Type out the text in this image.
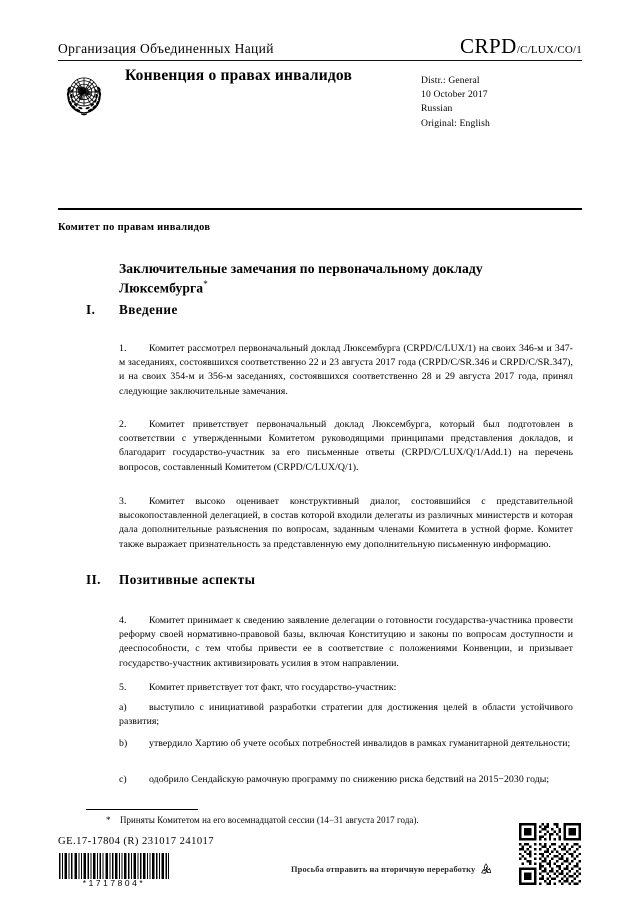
Организация Объединенных Наций	CRPD /C/LUX/CO/1
Конвенция о правах инвалидов	Distr.: General
10 October 2017
Russian
Original: English
Комитет по правам инвалидов
Заключительные замечания по первоначальному докладу Люксембурга*
I.	Введение

1. Комитет рассмотрел первоначальный доклад Люксембурга (CRPD/C/LUX/1) на своих 346-м и 347-м заседаниях, состоявшихся соответственно 22 и 23 августа 2017 года (CRPD/C/SR.346 и CRPD/C/SR.347), и на своих 354-м и 356-м заседаниях, состоявшихся соответственно 28 и 29 августа 2017 года, принял следующие заключительные замечания.

2. Комитет приветствует первоначальный доклад Люксембурга, который был подготовлен в соответствии с утвержденными Комитетом руководящими принципами представления докладов, и благодарит государство-участник за его письменные ответы (CRPD/C/LUX/Q/1/Add.1) на перечень вопросов, составленный Комитетом (CRPD/C/LUX/Q/1).

3. Комитет высоко оценивает конструктивный диалог, состоявшийся с представительной высокопоставленной делегацией, в состав которой входили делегаты из различных министерств и которая дала дополнительные разъяснения по вопросам, заданным членами Комитета в устной форме. Комитет также выражает признательность за представленную ему дополнительную письменную информацию.

II.	Позитивные аспекты

4. Комитет принимает к сведению заявление делегации о готовности государства-участника провести реформу своей нормативно-правовой базы, включая Конституцию и законы по вопросам доступности и дееспособности, с тем чтобы привести ее в соответствие с положениями Конвенции, и призывает государство-участник активизировать усилия в этом направлении.

5. Комитет приветствует тот факт, что государство-участник:

a) выступило с инициативой разработки стратегии для достижения целей в области устойчивого развития;

b) утвердило Хартию об учете особых потребностей инвалидов в рамках гуманитарной деятельности;

c) одобрило Сендайскую рамочную программу по снижению риска бедствий на 2015−2030 годы;

* Приняты Комитетом на его восемнадцатой сессии (14−31 августа 2017 года).
GE.17-17804 (R) 231017 241017
*1717804*
Просьба отправить на вторичную переработку
